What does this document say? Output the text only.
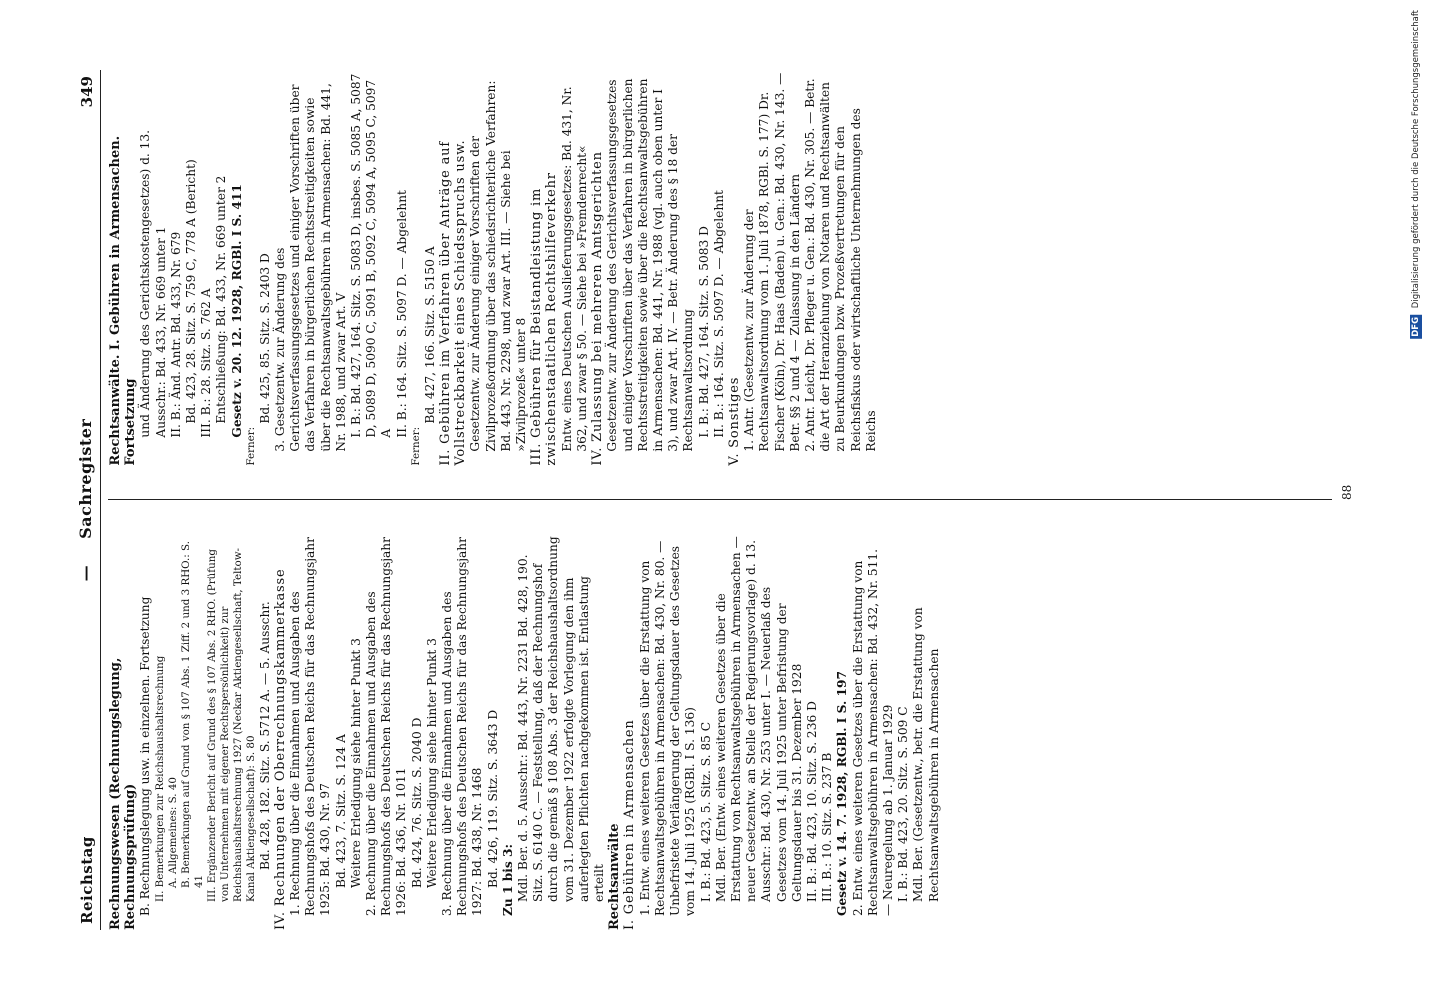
Reichstag
— Sachregister
349

Rechnungswesen (Rechnungslegung, Rechnungsprüfung) B. Rechnungslegung usw. in einzelnen. Fortsetzung II. Bemerkungen zur Reichshaushaltsrechnung A. Allgemeines: S. 40 B. Bemerkungen auf Grund von § 107 Abs. 1 Ziff. 2 und 3 RHO.: S. 41 III. Ergänzender Bericht auf Grund des § 107 Abs. 2 RHO. (Prüfung von Unternehmen mit eigener Rechtspersönlichkeit) zur Reichshaushaltsrechnung 1927 (Neckar Aktiengesellschaft, Teltow-Kanal Aktiengesellschaft): S. 80 Bd. 428, 182. Sitz. S. 5712 A. — 5. Ausschr. IV. Rechnungen der Oberrechnungskammerkasse 1. Rechnung über die Einnahmen und Ausgaben des Rechnungshofs des Deutschen Reichs für das Rechnungsjahr 1925: Bd. 430, Nr. 97 Bd. 423, 7. Sitz. S. 124 A Weitere Erledigung siehe hinter Punkt 3 2. Rechnung über die Einnahmen und Ausgaben des Rechnungshofs des Deutschen Reichs für das Rechnungsjahr 1926: Bd. 436, Nr. 1011 Bd. 424, 76. Sitz. S. 2040 D Weitere Erledigung siehe hinter Punkt 3 3. Rechnung über die Einnahmen und Ausgaben des Rechnungshofs des Deutschen Reichs für das Rechnungsjahr 1927: Bd. 438, Nr. 1468 Bd. 426, 119. Sitz. S. 3643 D Zu 1 bis 3: Mdl. Ber. d. 5. Ausschr.: Bd. 443, Nr. 2231 Bd. 428, 190. Sitz. S. 6140 C. — Feststellung, daß der Rechnungshof durch die gemäß § 108 Abs. 3 der Reichshaushaltsordnung vom 31. Dezember 1922 erfolgte Vorlegung den ihm auferlegten Pflichten nachgekommen ist. Entlastung erteilt Rechtsanwälte I. Gebühren in Armensachen 1. Entw. eines weiteren Gesetzes über die Erstattung von Rechtsanwaltsgebühren in Armensachen: Bd. 430, Nr. 80. — Unbefristete Verlängerung der Geltungsdauer des Gesetzes vom 14. Juli 1925 (RGBl. I S. 136) I. B.: Bd. 423, 5. Sitz. S. 85 C Mdl. Ber. (Entw. eines weiteren Gesetzes über die Erstattung von Rechtsanwaltsgebühren in Armensachen — neuer Gesetzentw. an Stelle der Regierungsvorlage) d. 13. Ausschr.: Bd. 430, Nr. 253 unter I. — Neuerlaß des Gesetzes vom 14. Juli 1925 unter Befristung der Geltungsdauer bis 31. Dezember 1928 II. B.: Bd. 423, 10. Sitz. S. 236 D III. B.: 10. Sitz. S. 237 B Gesetz v. 14. 7. 1928, RGBl. I S. 197 2. Entw. eines weiteren Gesetzes über die Erstattung von Rechtsanwaltsgebühren in Armensachen: Bd. 432, Nr. 511. — Neuregelung ab 1. Januar 1929 I. B.: Bd. 423, 20. Sitz. S. 509 C Mdl. Ber. (Gesetzentw., betr. die Erstattung von Rechtsanwaltsgebühren in Armensachen

Rechtsanwälte. I. Gebühren in Armensachen. Fortsetzung und Änderung des Gerichtskostengesetzes) d. 13. Ausschr.: Bd. 433, Nr. 669 unter 1 II. B.: Änd. Antr. Bd. 433, Nr. 679 Bd. 423, 28. Sitz. S. 759 C, 778 A (Bericht) III. B.: 28. Sitz. S. 762 A Entschließung: Bd. 433, Nr. 669 unter 2 Gesetz v. 20. 12. 1928, RGBl. I S. 411

Ferner:

Bd. 425, 85. Sitz. S. 2403 D 3. Gesetzentw. zur Änderung des Gerichtsverfassungsgesetzes und einiger Vorschriften über das Verfahren in bürgerlichen Rechtsstreitigkeiten sowie über die Rechtsanwaltsgebühren in Armensachen: Bd. 441, Nr. 1988, und zwar Art. V I. B.: Bd. 427, 164. Sitz. S. 5083 D, insbes. S. 5085 A, 5087 D, 5089 D, 5090 C, 5091 B, 5092 C, 5094 A, 5095 C, 5097 A II. B.: 164. Sitz. S. 5097 D. — Abgelehnt

Ferner:

Bd. 427, 166. Sitz. S. 5150 A II. Gebühren im Verfahren über Anträge auf Vollstreckbarkeit eines Schiedsspruchs usw. Gesetzentw. zur Änderung einiger Vorschriften der Zivilprozeßordnung über das schiedsrichterliche Verfahren: Bd. 443, Nr. 2298, und zwar Art. III. — Siehe bei »Zivilprozeß« unter 8 III. Gebühren für Beistandleistung im zwischenstaatlichen Rechtshilfeverkehr Entw. eines Deutschen Auslieferungsgesetzes: Bd. 431, Nr. 362, und zwar § 50. — Siehe bei »Fremdenrecht« IV. Zulassung bei mehreren Amtsgerichten Gesetzentw. zur Änderung des Gerichtsverfassungsgesetzes und einiger Vorschriften über das Verfahren in bürgerlichen Rechtsstreitigkeiten sowie über die Rechtsanwaltsgebühren in Armensachen: Bd. 441, Nr. 1988 (vgl. auch oben unter I 3), und zwar Art. IV. — Betr. Änderung des § 18 der Rechtsanwaltsordnung I. B.: Bd. 427, 164. Sitz. S. 5083 D II. B.: 164. Sitz. S. 5097 D. — Abgelehnt V. Sonstiges 1. Antr. (Gesetzentw. zur Änderung der Rechtsanwaltsordnung vom 1. Juli 1878, RGBl. S. 177) Dr. Fischer (Köln), Dr. Haas (Baden) u. Gen.: Bd. 430, Nr. 143. — Betr. §§ 2 und 4 — Zulassung in den Ländern 2. Antr. Leicht, Dr. Pfleger u. Gen.: Bd. 430, Nr. 305. — Betr. die Art der Heranziehung von Notaren und Rechtsanwälten zu Beurkundungen bzw. Prozeßvertretungen für den Reichsfiskus oder wirtschaftliche Unternehmungen des Reichs

88
DFG Digitalisierung gefördert durch die Deutsche Forschungsgemeinschaft
